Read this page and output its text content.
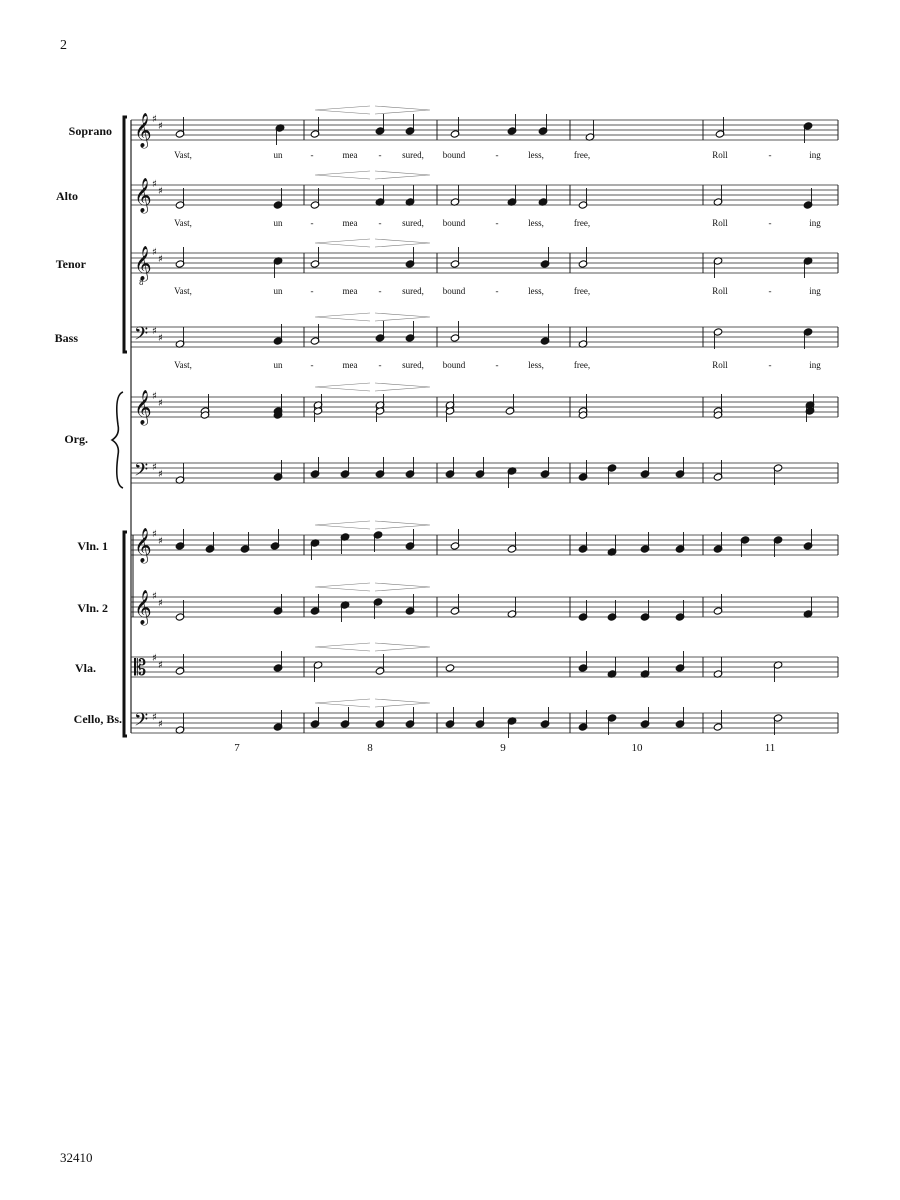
2
32410
𝄞 ♯
♯
𝄞 ♯
♯
𝄞
8
♯
♯
𝄢 ♯
♯
𝄞 ♯
♯
𝄢 ♯
♯
𝄞 ♯
♯
𝄞 ♯
♯
𝄡 ♯
♯
𝄢 ♯
♯
Soprano
Alto
Tenor
Bass
Org.
Vln. 1
Vln. 2
Vla.
Cello, Bs.
Vast,	un	-	mea - sured, bound	-	less,	free,	Roll	-	ing
Vast,	un	-	mea - sured, bound	-	less,	free,	Roll	-	ing
Vast,	un	-	mea - sured, bound	-	less,	free,	Roll	-	ing
Vast,	un	-	mea - sured, bound	-	less,	free,	Roll	-	ing
7	8	9	10	11
